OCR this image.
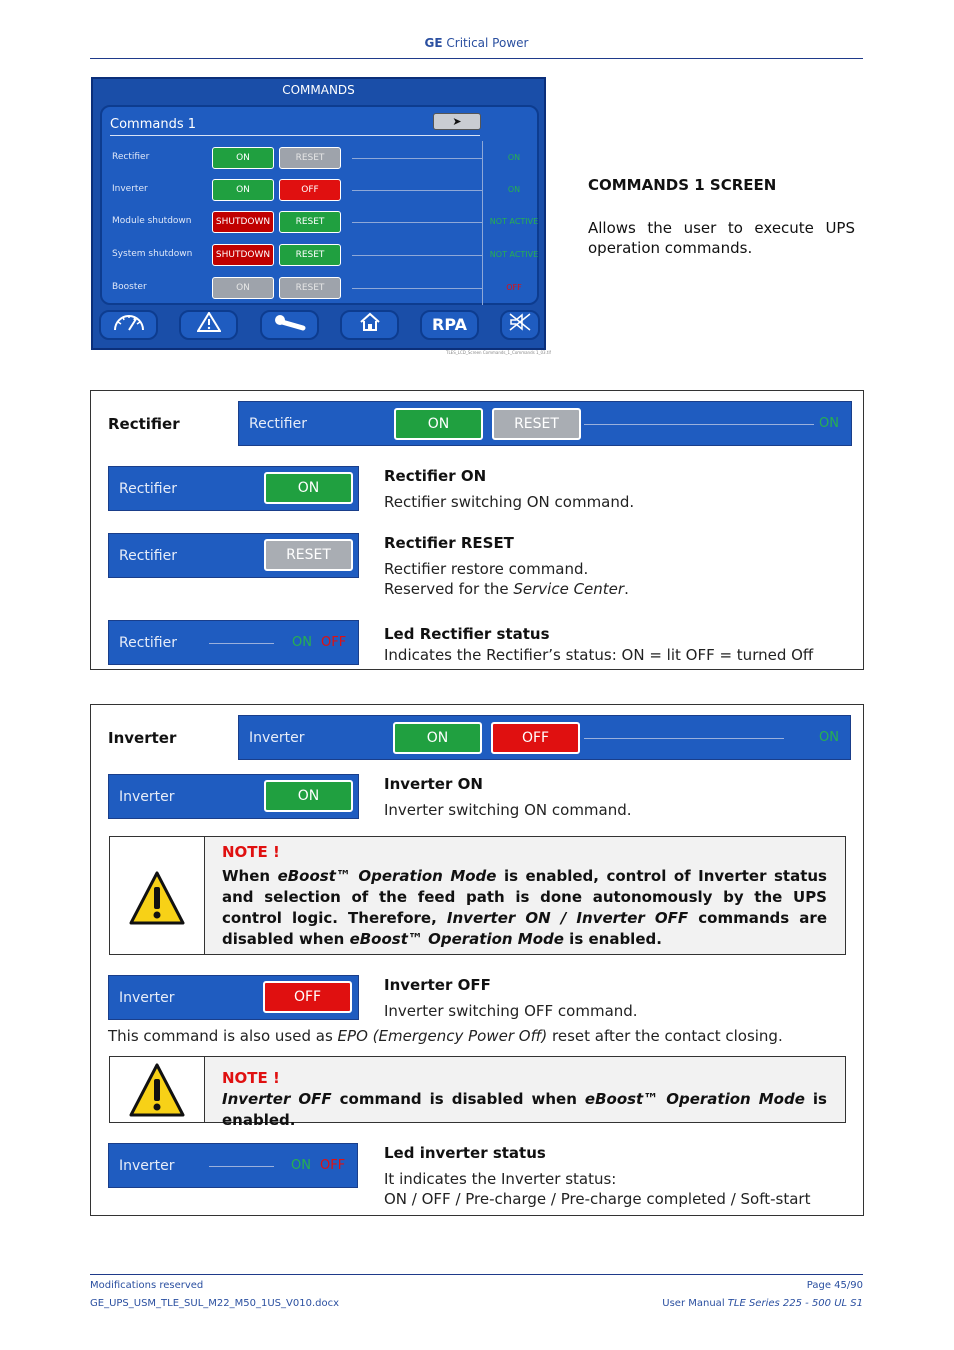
GE Critical Power
COMMANDS
Commands 1	➤
Rectifier	ON	RESET	ON
Inverter	ON	OFF	ON
Module shutdown	SHUTDOWN	RESET	NOT ACTIVE
System shutdown	SHUTDOWN	RESET	NOT ACTIVE
Booster	ON	RESET	OFF
RPA
TLES_LCD_Screen Commands_1_Commands 1_03.tif
COMMANDS 1 SCREEN
Allows the user to execute UPS operation commands.
Rectifier	Rectifier	ON	RESET	ON
Rectifier	ON
Rectifier ON
Rectifier switching ON command.
Rectifier	RESET
Rectifier RESET
Rectifier restore command.
Reserved for the Service Center.
Rectifier	ON OFF	Led Rectifier status
Indicates the Rectifier’s status: ON = lit OFF = turned Off
Inverter	Inverter	ON	OFF	ON
Inverter	ON
Inverter ON
Inverter switching ON command.
NOTE !
When eBoost™ Operation Mode is enabled, control of Inverter status and selection of the feed path is done autonomously by the UPS control logic. Therefore, Inverter ON / Inverter OFF commands are disabled when eBoost™ Operation Mode is enabled.
Inverter	OFF
Inverter OFF
Inverter switching OFF command.
This command is also used as EPO (Emergency Power Off) reset after the contact closing.
NOTE !
Inverter OFF command is disabled when eBoost™ Operation Mode is enabled.
Inverter	ON OFF
Led inverter status
It indicates the Inverter status:
ON / OFF / Pre-charge / Pre-charge completed / Soft-start
Modifications reserved
GE_UPS_USM_TLE_SUL_M22_M50_1US_V010.docx
Page 45/90
User Manual TLE Series 225 - 500 UL S1
